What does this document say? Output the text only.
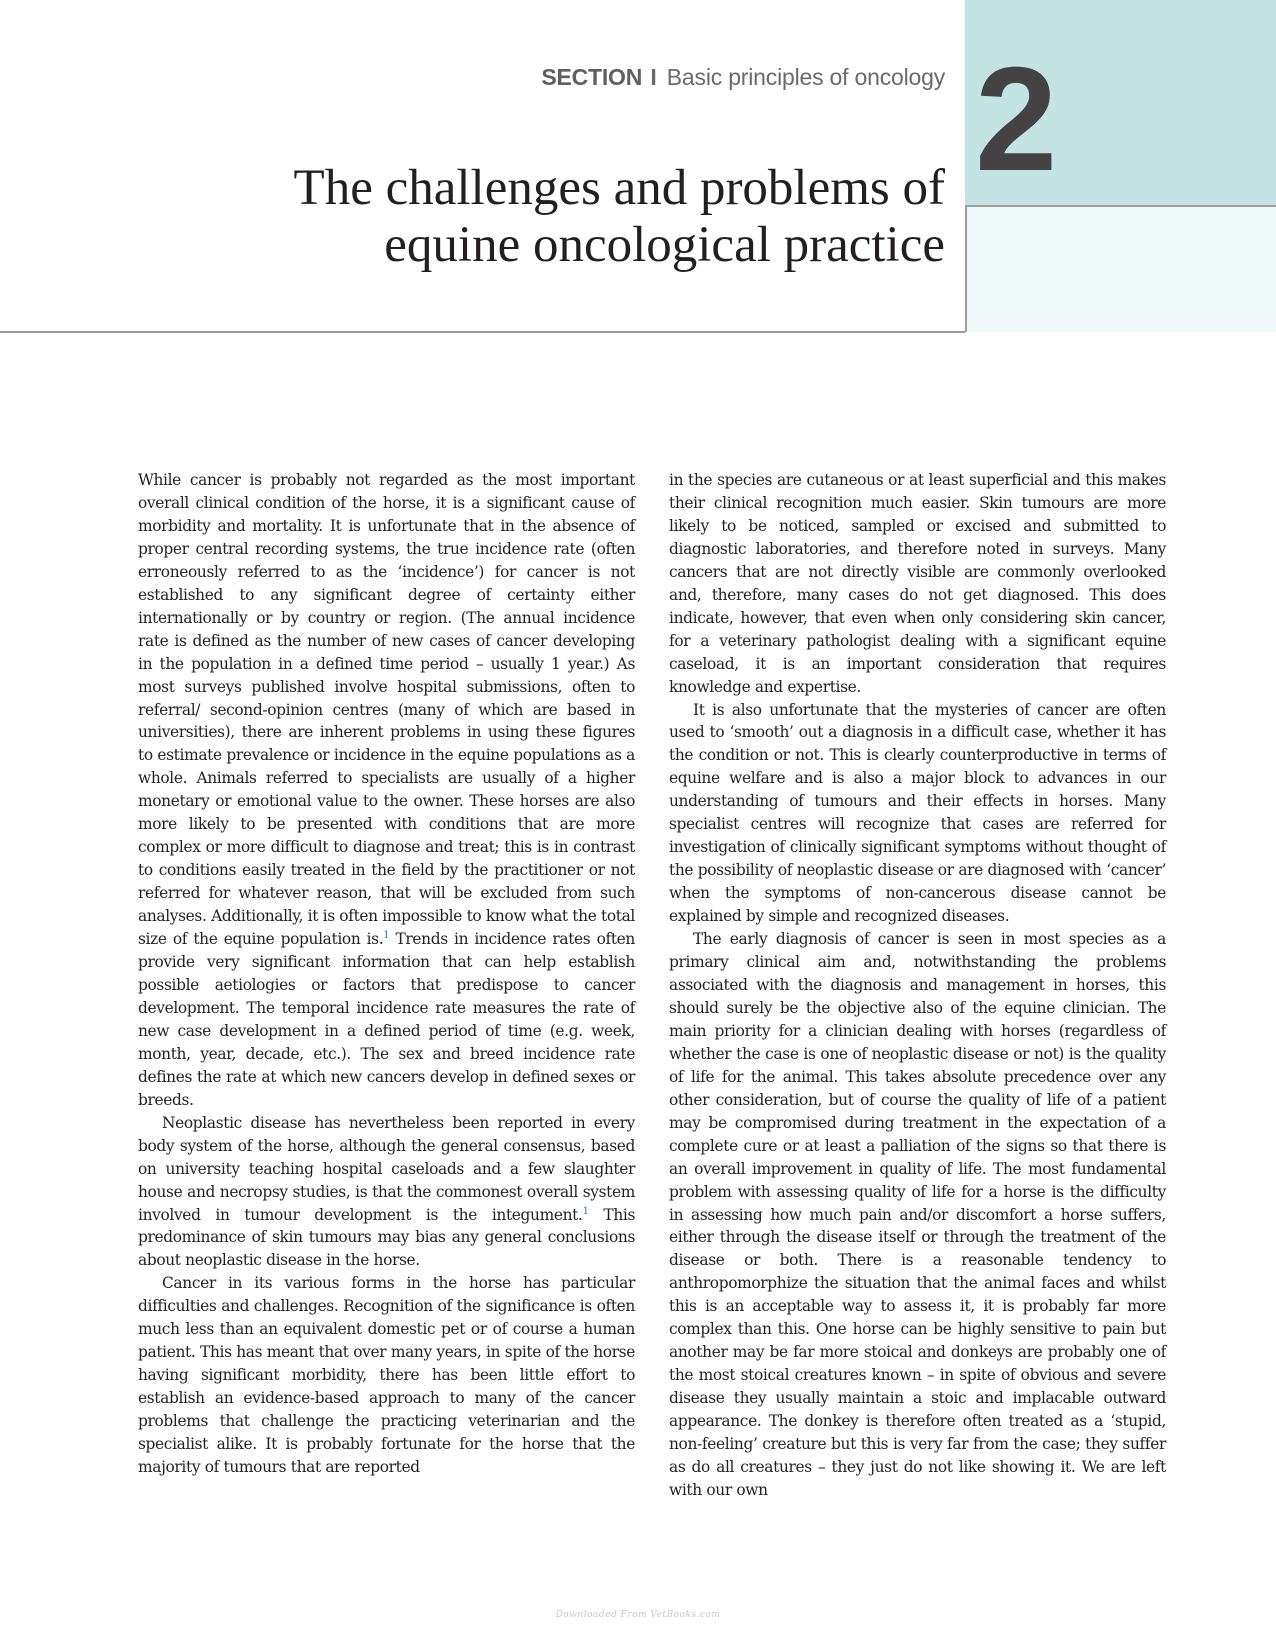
2
SECTION I Basic principles of oncology
The challenges and problems of
equine oncological practice

While cancer is probably not regarded as the most important overall clinical condition of the horse, it is a significant cause of morbidity and mortality. It is unfortunate that in the absence of proper central recording systems, the true incidence rate (often erroneously referred to as the ‘incidence’) for cancer is not established to any significant degree of certainty either internationally or by country or region. (The annual incidence rate is defined as the number of new cases of cancer developing in the population in a defined time period – usually 1 year.) As most surveys published involve hospital submissions, often to referral/ second-opinion centres (many of which are based in universities), there are inherent problems in using these figures to estimate prevalence or incidence in the equine populations as a whole. Animals referred to specialists are usually of a higher monetary or emotional value to the owner. These horses are also more likely to be presented with conditions that are more complex or more difficult to diagnose and treat; this is in contrast to conditions easily treated in the field by the practitioner or not referred for whatever reason, that will be excluded from such analyses. Additionally, it is often impossible to know what the total size of the equine population is.$^1$ Trends in incidence rates often provide very significant information that can help establish possible aetiologies or factors that predispose to cancer development. The temporal incidence rate measures the rate of new case development in a defined period of time (e.g. week, month, year, decade, etc.). The sex and breed incidence rate defines the rate at which new cancers develop in defined sexes or breeds.

Neoplastic disease has nevertheless been reported in every body system of the horse, although the general consensus, based on university teaching hospital caseloads and a few slaughter house and necropsy studies, is that the commonest overall system involved in tumour development is the integument.$^1$ This predominance of skin tumours may bias any general conclusions about neoplastic disease in the horse.

Cancer in its various forms in the horse has particular difficulties and challenges. Recognition of the significance is often much less than an equivalent domestic pet or of course a human patient. This has meant that over many years, in spite of the horse having significant morbidity, there has been little effort to establish an evidence-based approach to many of the cancer problems that challenge the practicing veterinarian and the specialist alike. It is probably fortunate for the horse that the majority of tumours that are reported

in the species are cutaneous or at least superficial and this makes their clinical recognition much easier. Skin tumours are more likely to be noticed, sampled or excised and submitted to diagnostic laboratories, and therefore noted in surveys. Many cancers that are not directly visible are commonly overlooked and, therefore, many cases do not get diagnosed. This does indicate, however, that even when only considering skin cancer, for a veterinary pathologist dealing with a significant equine caseload, it is an important consideration that requires knowledge and expertise.

It is also unfortunate that the mysteries of cancer are often used to ‘smooth’ out a diagnosis in a difficult case, whether it has the condition or not. This is clearly counterproductive in terms of equine welfare and is also a major block to advances in our understanding of tumours and their effects in horses. Many specialist centres will recognize that cases are referred for investigation of clinically significant symptoms without thought of the possibility of neoplastic disease or are diagnosed with ‘cancer’ when the symptoms of non-cancerous disease cannot be explained by simple and recognized diseases.

The early diagnosis of cancer is seen in most species as a primary clinical aim and, notwithstanding the problems associated with the diagnosis and management in horses, this should surely be the objective also of the equine clinician. The main priority for a clinician dealing with horses (regardless of whether the case is one of neoplastic disease or not) is the quality of life for the animal. This takes absolute precedence over any other consideration, but of course the quality of life of a patient may be compromised during treatment in the expectation of a complete cure or at least a palliation of the signs so that there is an overall improvement in quality of life. The most fundamental problem with assessing quality of life for a horse is the difficulty in assessing how much pain and/or discomfort a horse suffers, either through the disease itself or through the treatment of the disease or both. There is a reasonable tendency to anthropomorphize the situation that the animal faces and whilst this is an acceptable way to assess it, it is probably far more complex than this. One horse can be highly sensitive to pain but another may be far more stoical and donkeys are probably one of the most stoical creatures known – in spite of obvious and severe disease they usually maintain a stoic and implacable outward appearance. The donkey is therefore often treated as a ‘stupid, non-feeling’ creature but this is very far from the case; they suffer as do all creatures – they just do not like showing it. We are left with our own

Downloaded From VetBooks.com
